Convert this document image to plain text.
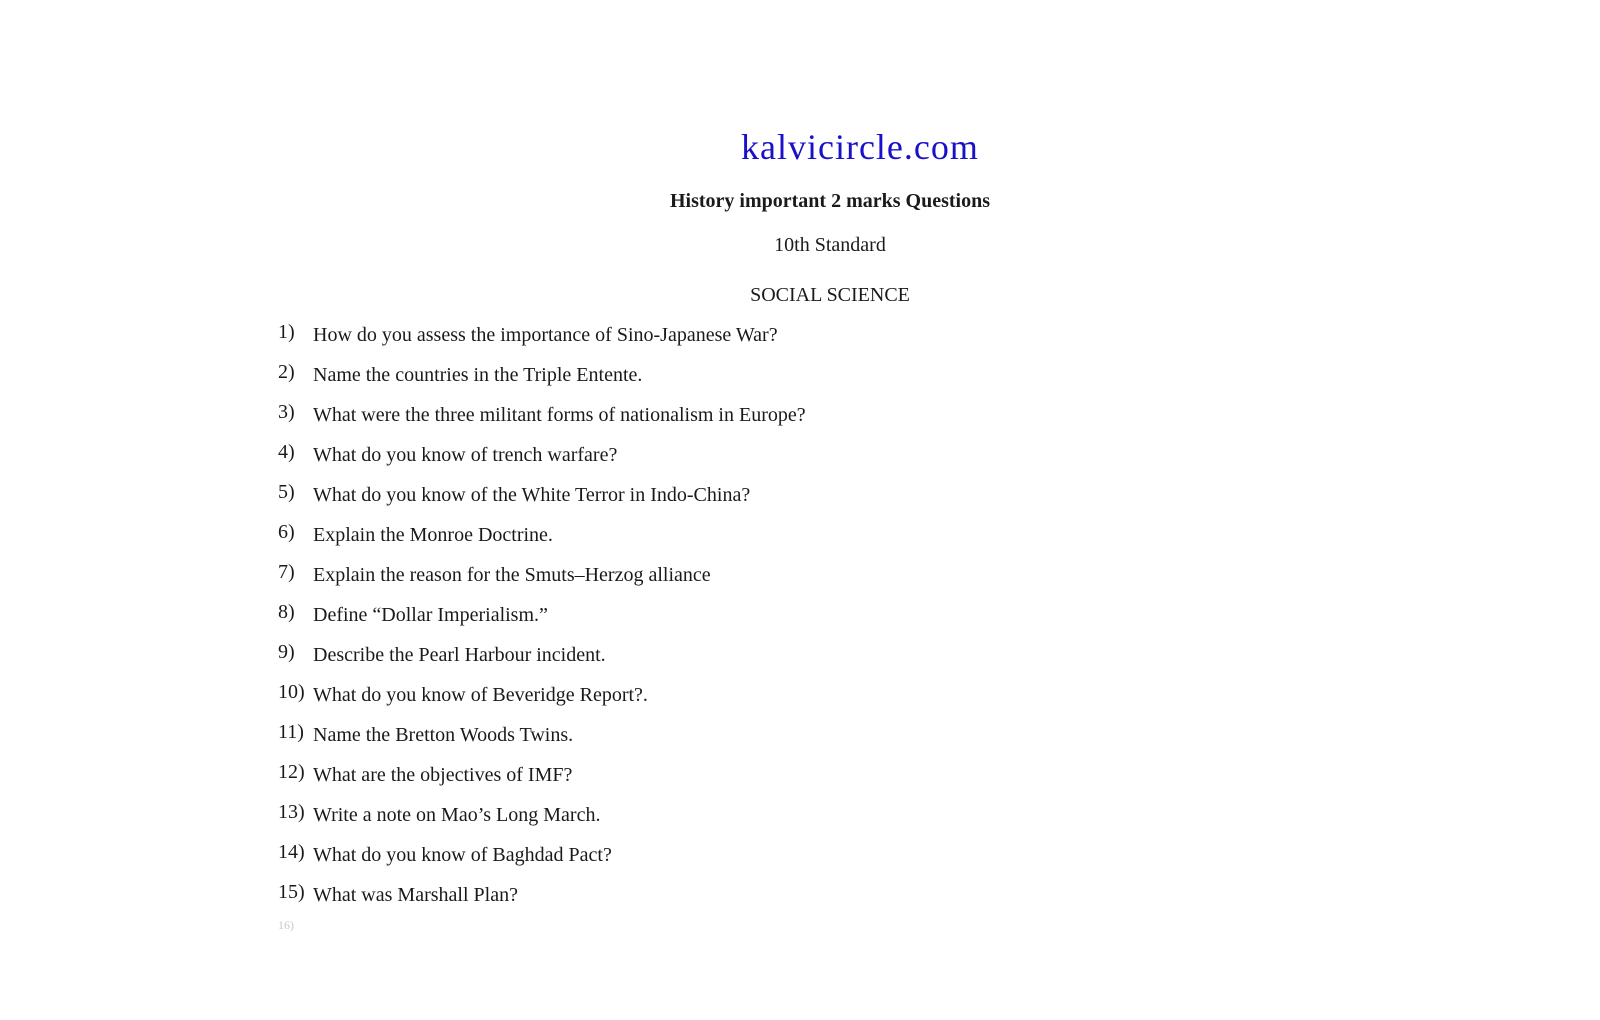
kalvicircle.com
History important 2 marks Questions

10th Standard

SOCIAL SCIENCE

1) How do you assess the importance of Sino-Japanese War?
2) Name the countries in the Triple Entente.
3) What were the three militant forms of nationalism in Europe?
4) What do you know of trench warfare?
5) What do you know of the White Terror in Indo-China?
6) Explain the Monroe Doctrine.
7) Explain the reason for the Smuts–Herzog alliance
8) Define “Dollar Imperialism.”
9) Describe the Pearl Harbour incident.
10) What do you know of Beveridge Report?.
11) Name the Bretton Woods Twins.
12) What are the objectives of IMF?
13) Write a note on Mao’s Long March.
14) What do you know of Baghdad Pact?
15) What was Marshall Plan?

16)
